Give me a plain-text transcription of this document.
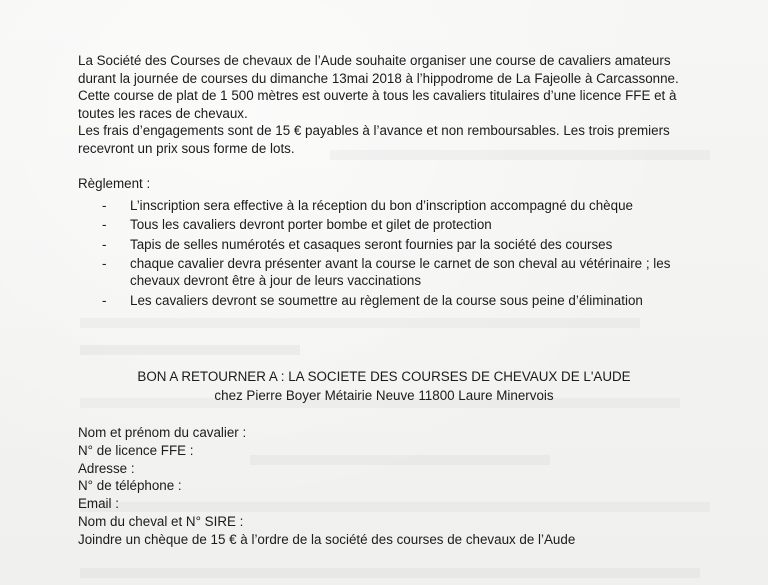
La Société des Courses de chevaux de l’Aude souhaite organiser une course de cavaliers amateurs

durant la journée de courses du dimanche 13mai 2018 à l’hippodrome de La Fajeolle à Carcassonne.

Cette course de plat de 1 500 mètres est ouverte à tous les cavaliers titulaires d’une licence FFE et à

toutes les races de chevaux.

Les frais d’engagements sont de 15 € payables à l’avance et non remboursables. Les trois premiers

recevront un prix sous forme de lots.

Règlement :

- L’inscription sera effective à la réception du bon d’inscription accompagné du chèque
- Tous les cavaliers devront porter bombe et gilet de protection
- Tapis de selles numérotés et casaques seront fournies par la société des courses
- chaque cavalier devra présenter avant la course le carnet de son cheval au vétérinaire ; les
chevaux devront être à jour de leurs vaccinations
- Les cavaliers devront se soumettre au règlement de la course sous peine d’élimination
BON A RETOURNER A : LA SOCIETE DES COURSES DE CHEVAUX DE L'AUDE
chez Pierre Boyer Métairie Neuve 11800 Laure Minervois

Nom et prénom du cavalier :

N° de licence FFE :

Adresse :

N° de téléphone :

Email :

Nom du cheval et N° SIRE :

Joindre un chèque de 15 € à l’ordre de la société des courses de chevaux de l’Aude
